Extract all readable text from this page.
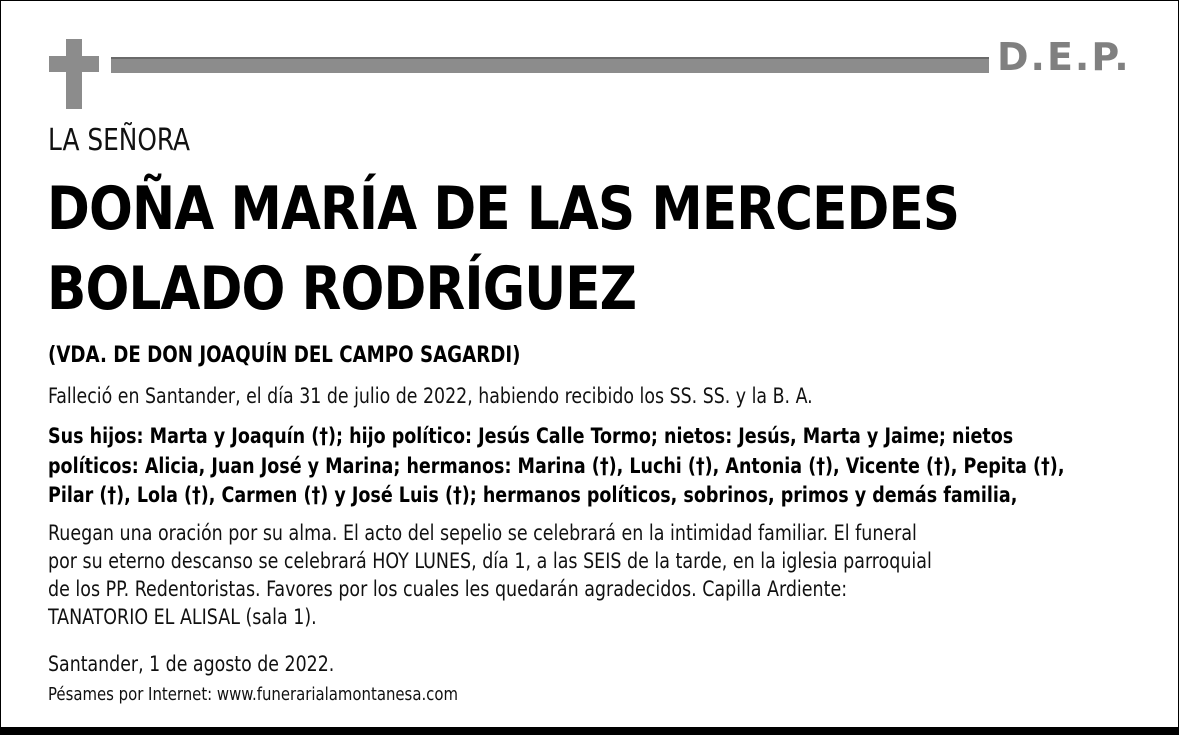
D.E.P.
LA SEÑORA
DOÑA MARÍA DE LAS MERCEDES
BOLADO RODRÍGUEZ
(VDA. DE DON JOAQUÍN DEL CAMPO SAGARDI)
Falleció en Santander, el día 31 de julio de 2022, habiendo recibido los SS. SS. y la B. A.

Sus hijos: Marta y Joaquín (†); hijo político: Jesús Calle Tormo; nietos: Jesús, Marta y Jaime; nietos

políticos: Alicia, Juan José y Marina; hermanos: Marina (†), Luchi (†), Antonia (†), Vicente (†), Pepita (†),

Pilar (†), Lola (†), Carmen (†) y José Luis (†); hermanos políticos, sobrinos, primos y demás familia,

Ruegan una oración por su alma. El acto del sepelio se celebrará en la intimidad familiar. El funeral

por su eterno descanso se celebrará HOY LUNES, día 1, a las SEIS de la tarde, en la iglesia parroquial

de los PP. Redentoristas. Favores por los cuales les quedarán agradecidos. Capilla Ardiente:

TANATORIO EL ALISAL (sala 1).

Santander, 1 de agosto de 2022.
Pésames por Internet: www.funerarialamontanesa.com
